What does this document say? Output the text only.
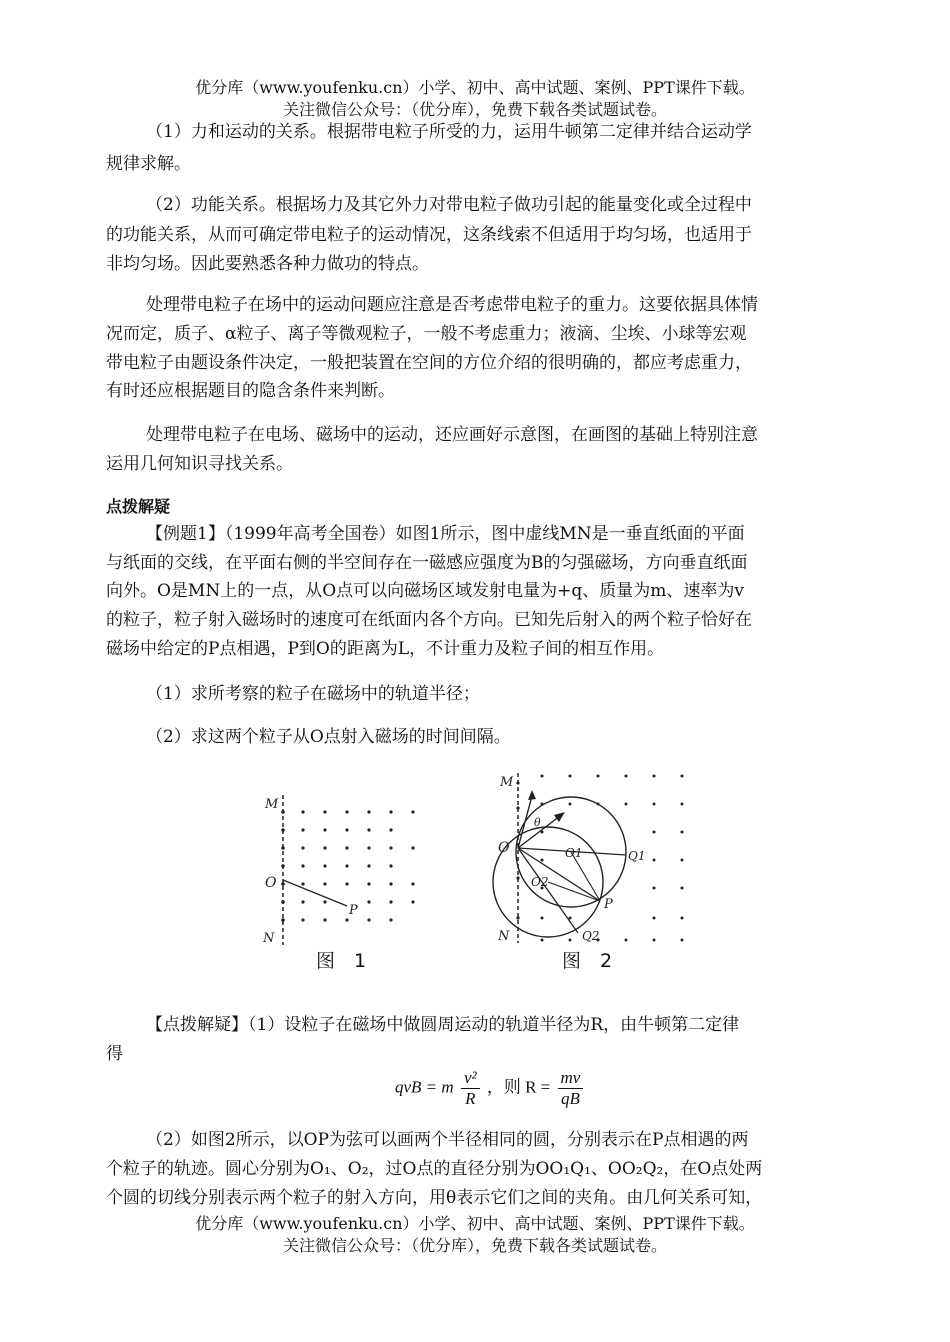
优分库（www.youfenku.cn）小学、初中、高中试题、案例、PPT课件下载。
关注微信公众号：（优分库），免费下载各类试题试卷。
（1）力和运动的关系。根据带电粒子所受的力，运用牛顿第二定律并结合运动学
规律求解。
（2）功能关系。根据场力及其它外力对带电粒子做功引起的能量变化或全过程中
的功能关系，从而可确定带电粒子的运动情况，这条线索不但适用于均匀场，也适用于
非均匀场。因此要熟悉各种力做功的特点。
处理带电粒子在场中的运动问题应注意是否考虑带电粒子的重力。这要依据具体情
况而定，质子、α粒子、离子等微观粒子，一般不考虑重力；液滴、尘埃、小球等宏观
带电粒子由题设条件决定，一般把装置在空间的方位介绍的很明确的，都应考虑重力，
有时还应根据题目的隐含条件来判断。
处理带电粒子在电场、磁场中的运动，还应画好示意图，在画图的基础上特别注意
运用几何知识寻找关系。
点拨解疑
【例题1】（1999年高考全国卷）如图1所示，图中虚线MN是一垂直纸面的平面
与纸面的交线，在平面右侧的半空间存在一磁感应强度为B的匀强磁场，方向垂直纸面
向外。O是MN上的一点，从O点可以向磁场区域发射电量为+q、质量为m、速率为v
的粒子，粒子射入磁场时的速度可在纸面内各个方向。已知先后射入的两个粒子恰好在
磁场中给定的P点相遇，P到O的距离为L，不计重力及粒子间的相互作用。
（1）求所考察的粒子在磁场中的轨道半径；
（2）求这两个粒子从O点射入磁场的时间间隔。
M
O
N
P
图　1
M
O
N
P
O1
O2
Q1
Q2
θ
图　2
【点拨解疑】（1）设粒子在磁场中做圆周运动的轨道半径为R，由牛顿第二定律
得
qvB = m $\frac{\text{v²}}{R}$ ，则 $R = \frac{mv}{qB}$
（2）如图2所示，以OP为弦可以画两个半径相同的圆，分别表示在P点相遇的两
个粒子的轨迹。圆心分别为O₁、O₂，过O点的直径分别为OO₁Q₁、OO₂Q₂，在O点处两
个圆的切线分别表示两个粒子的射入方向，用θ表示它们之间的夹角。由几何关系可知，
优分库（www.youfenku.cn）小学、初中、高中试题、案例、PPT课件下载。
关注微信公众号：（优分库），免费下载各类试题试卷。
